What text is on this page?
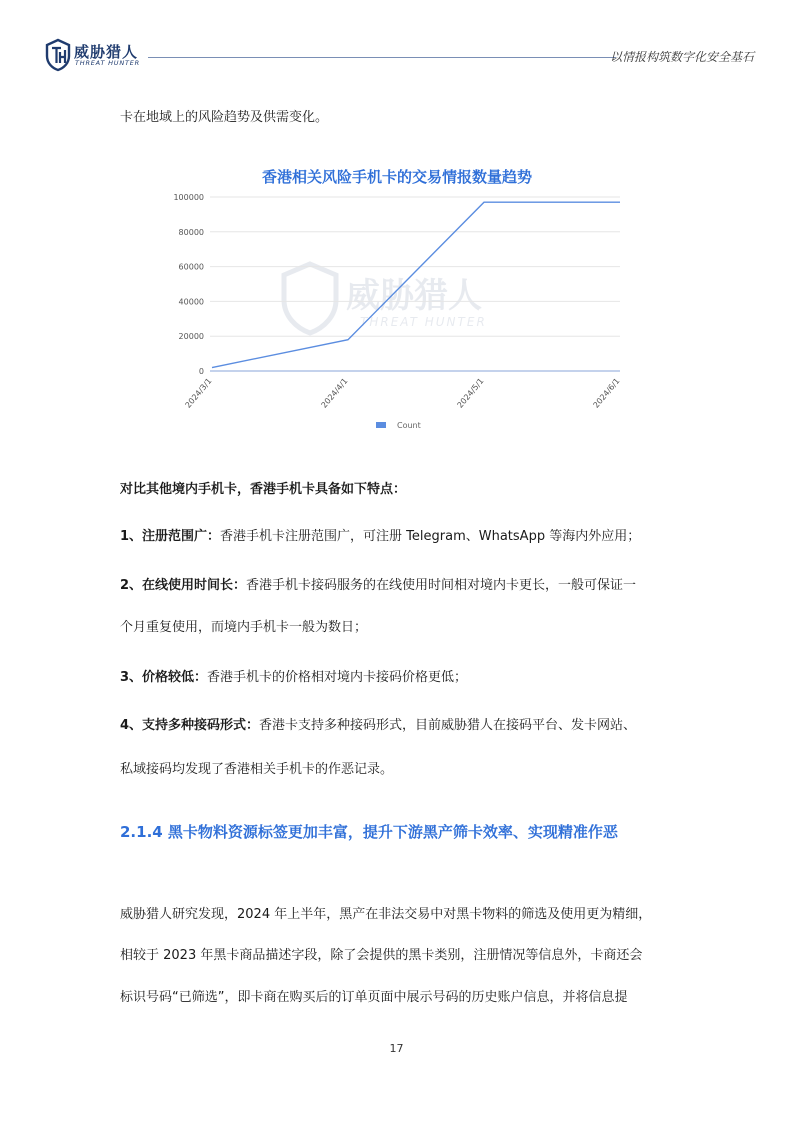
威胁猎人
THREAT HUNTER	以情报构筑数字化安全基石
卡在地域上的风险趋势及供需变化。
香港相关风险手机卡的交易情报数量趋势
威胁猎人
THREAT HUNTER
0
20000
40000
60000
80000
100000
2024/3/1	2024/4/1	2024/5/1	2024/6/1
Count
对比其他境内手机卡，香港手机卡具备如下特点：
1、注册范围广：香港手机卡注册范围广，可注册 Telegram、WhatsApp 等海内外应用；
2、在线使用时间长：香港手机卡接码服务的在线使用时间相对境内卡更长，一般可保证一
个月重复使用，而境内手机卡一般为数日；
3、价格较低：香港手机卡的价格相对境内卡接码价格更低；
4、支持多种接码形式：香港卡支持多种接码形式，目前威胁猎人在接码平台、发卡网站、
私域接码均发现了香港相关手机卡的作恶记录。
2.1.4 黑卡物料资源标签更加丰富，提升下游黑产筛卡效率、实现精准作恶
威胁猎人研究发现，2024 年上半年，黑产在非法交易中对黑卡物料的筛选及使用更为精细，
相较于 2023 年黑卡商品描述字段，除了会提供的黑卡类别，注册情况等信息外，卡商还会
标识号码“已筛选”，即卡商在购买后的订单页面中展示号码的历史账户信息，并将信息提
17
